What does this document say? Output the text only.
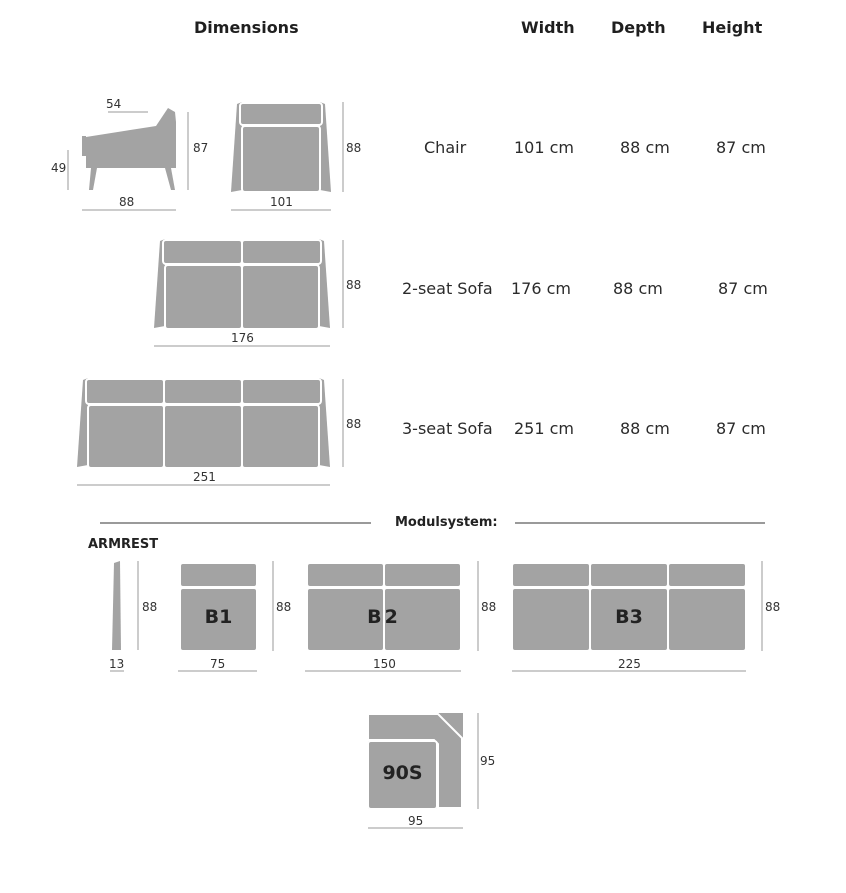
Dimensions	Width Depth Height
54
49
87
88	101
88	Chair	101 cm	88 cm	87 cm
88
176
2-seat Sofa 176 cm	88 cm	87 cm
88
251
3-seat Sofa 251 cm	88 cm	87 cm
Modulsystem:
ARMREST
88
13
B1	88
75
B2	88
150
B3	88
225
90S
95
95
